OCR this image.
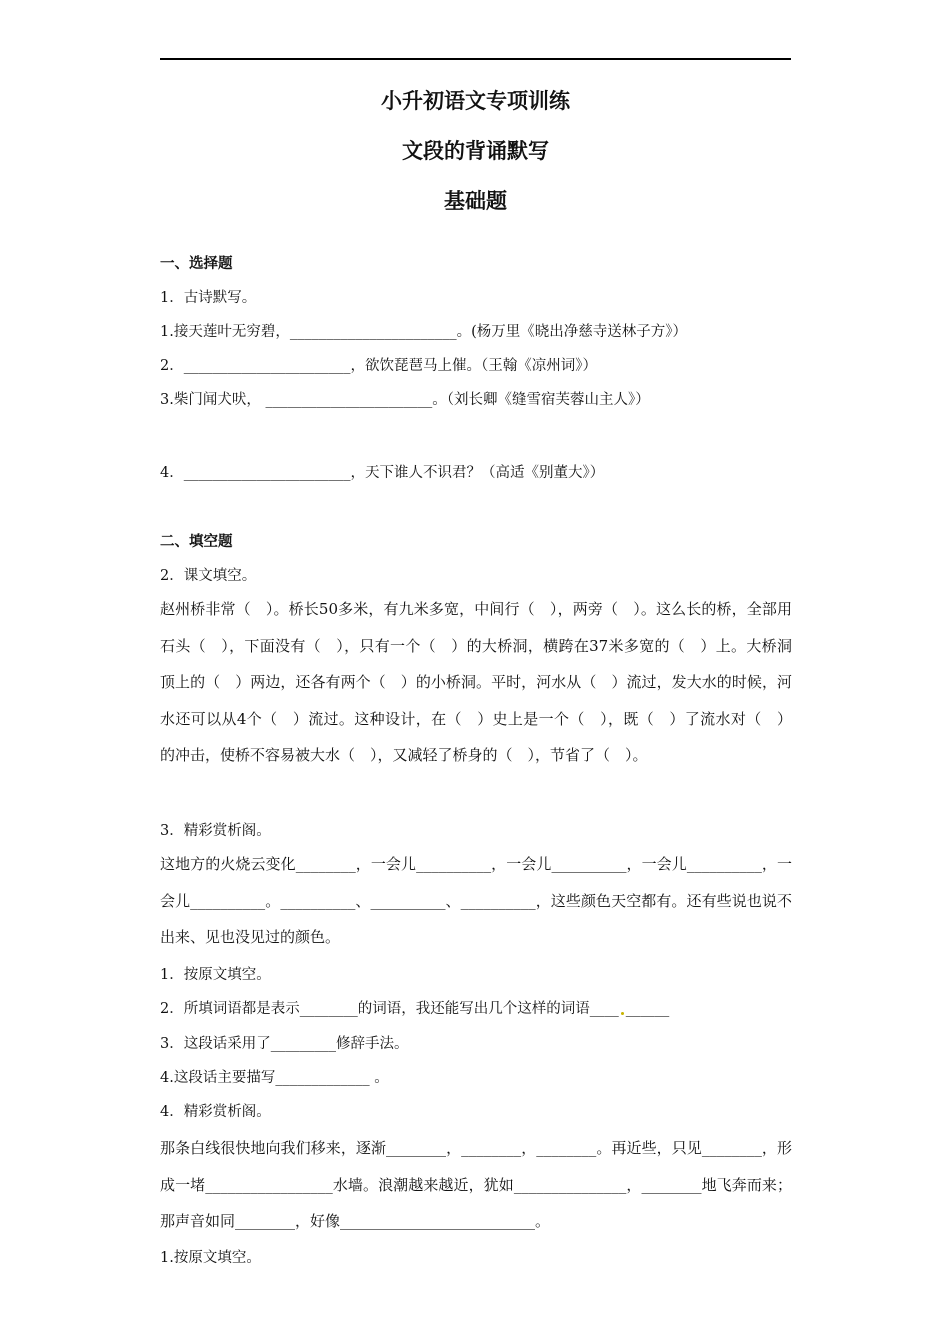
小升初语文专项训练
文段的背诵默写
基础题
一、选择题
1．古诗默写。
1.接天莲叶无穷碧，_______________________。(杨万里《晓出净慈寺送林子方》）
2．_______________________，欲饮琵琶马上催。（王翰《凉州词》）
3.柴门闻犬吠， _______________________。（刘长卿《缝雪宿芙蓉山主人》）
4．_______________________，天下谁人不识君？（高适《别董大》）
二、填空题
2．课文填空。
赵州桥非常（　）。桥长50多米，有九米多宽，中间行（　），两旁（　）。这么长的桥，全部用石头（　），下面没有（　），只有一个（　）的大桥洞，横跨在37米多宽的（　）上。大桥洞顶上的（　）两边，还各有两个（　）的小桥洞。平时，河水从（　）流过，发大水的时候，河水还可以从4个（　）流过。这种设计，在（　）史上是一个（　），既（　）了流水对（　）的冲击，使桥不容易被大水（　），又减轻了桥身的（　），节省了（　）。
3．精彩赏析阁。
这地方的火烧云变化________，一会儿__________，一会儿__________，一会儿__________，一会儿__________。__________、__________、__________，这些颜色天空都有。还有些说也说不出来、见也没见过的颜色。
1．按原文填空。
2．所填词语都是表示________的词语，我还能写出几个这样的词语____ ______
3．这段话采用了_________修辞手法。
4.这段话主要描写_____________ 。
4．精彩赏析阁。
那条白线很快地向我们移来，逐渐________，________，________。再近些，只见________，形成一堵_________________水墙。浪潮越来越近，犹如_______________，________地飞奔而来；那声音如同________，好像__________________________。
1.按原文填空。
